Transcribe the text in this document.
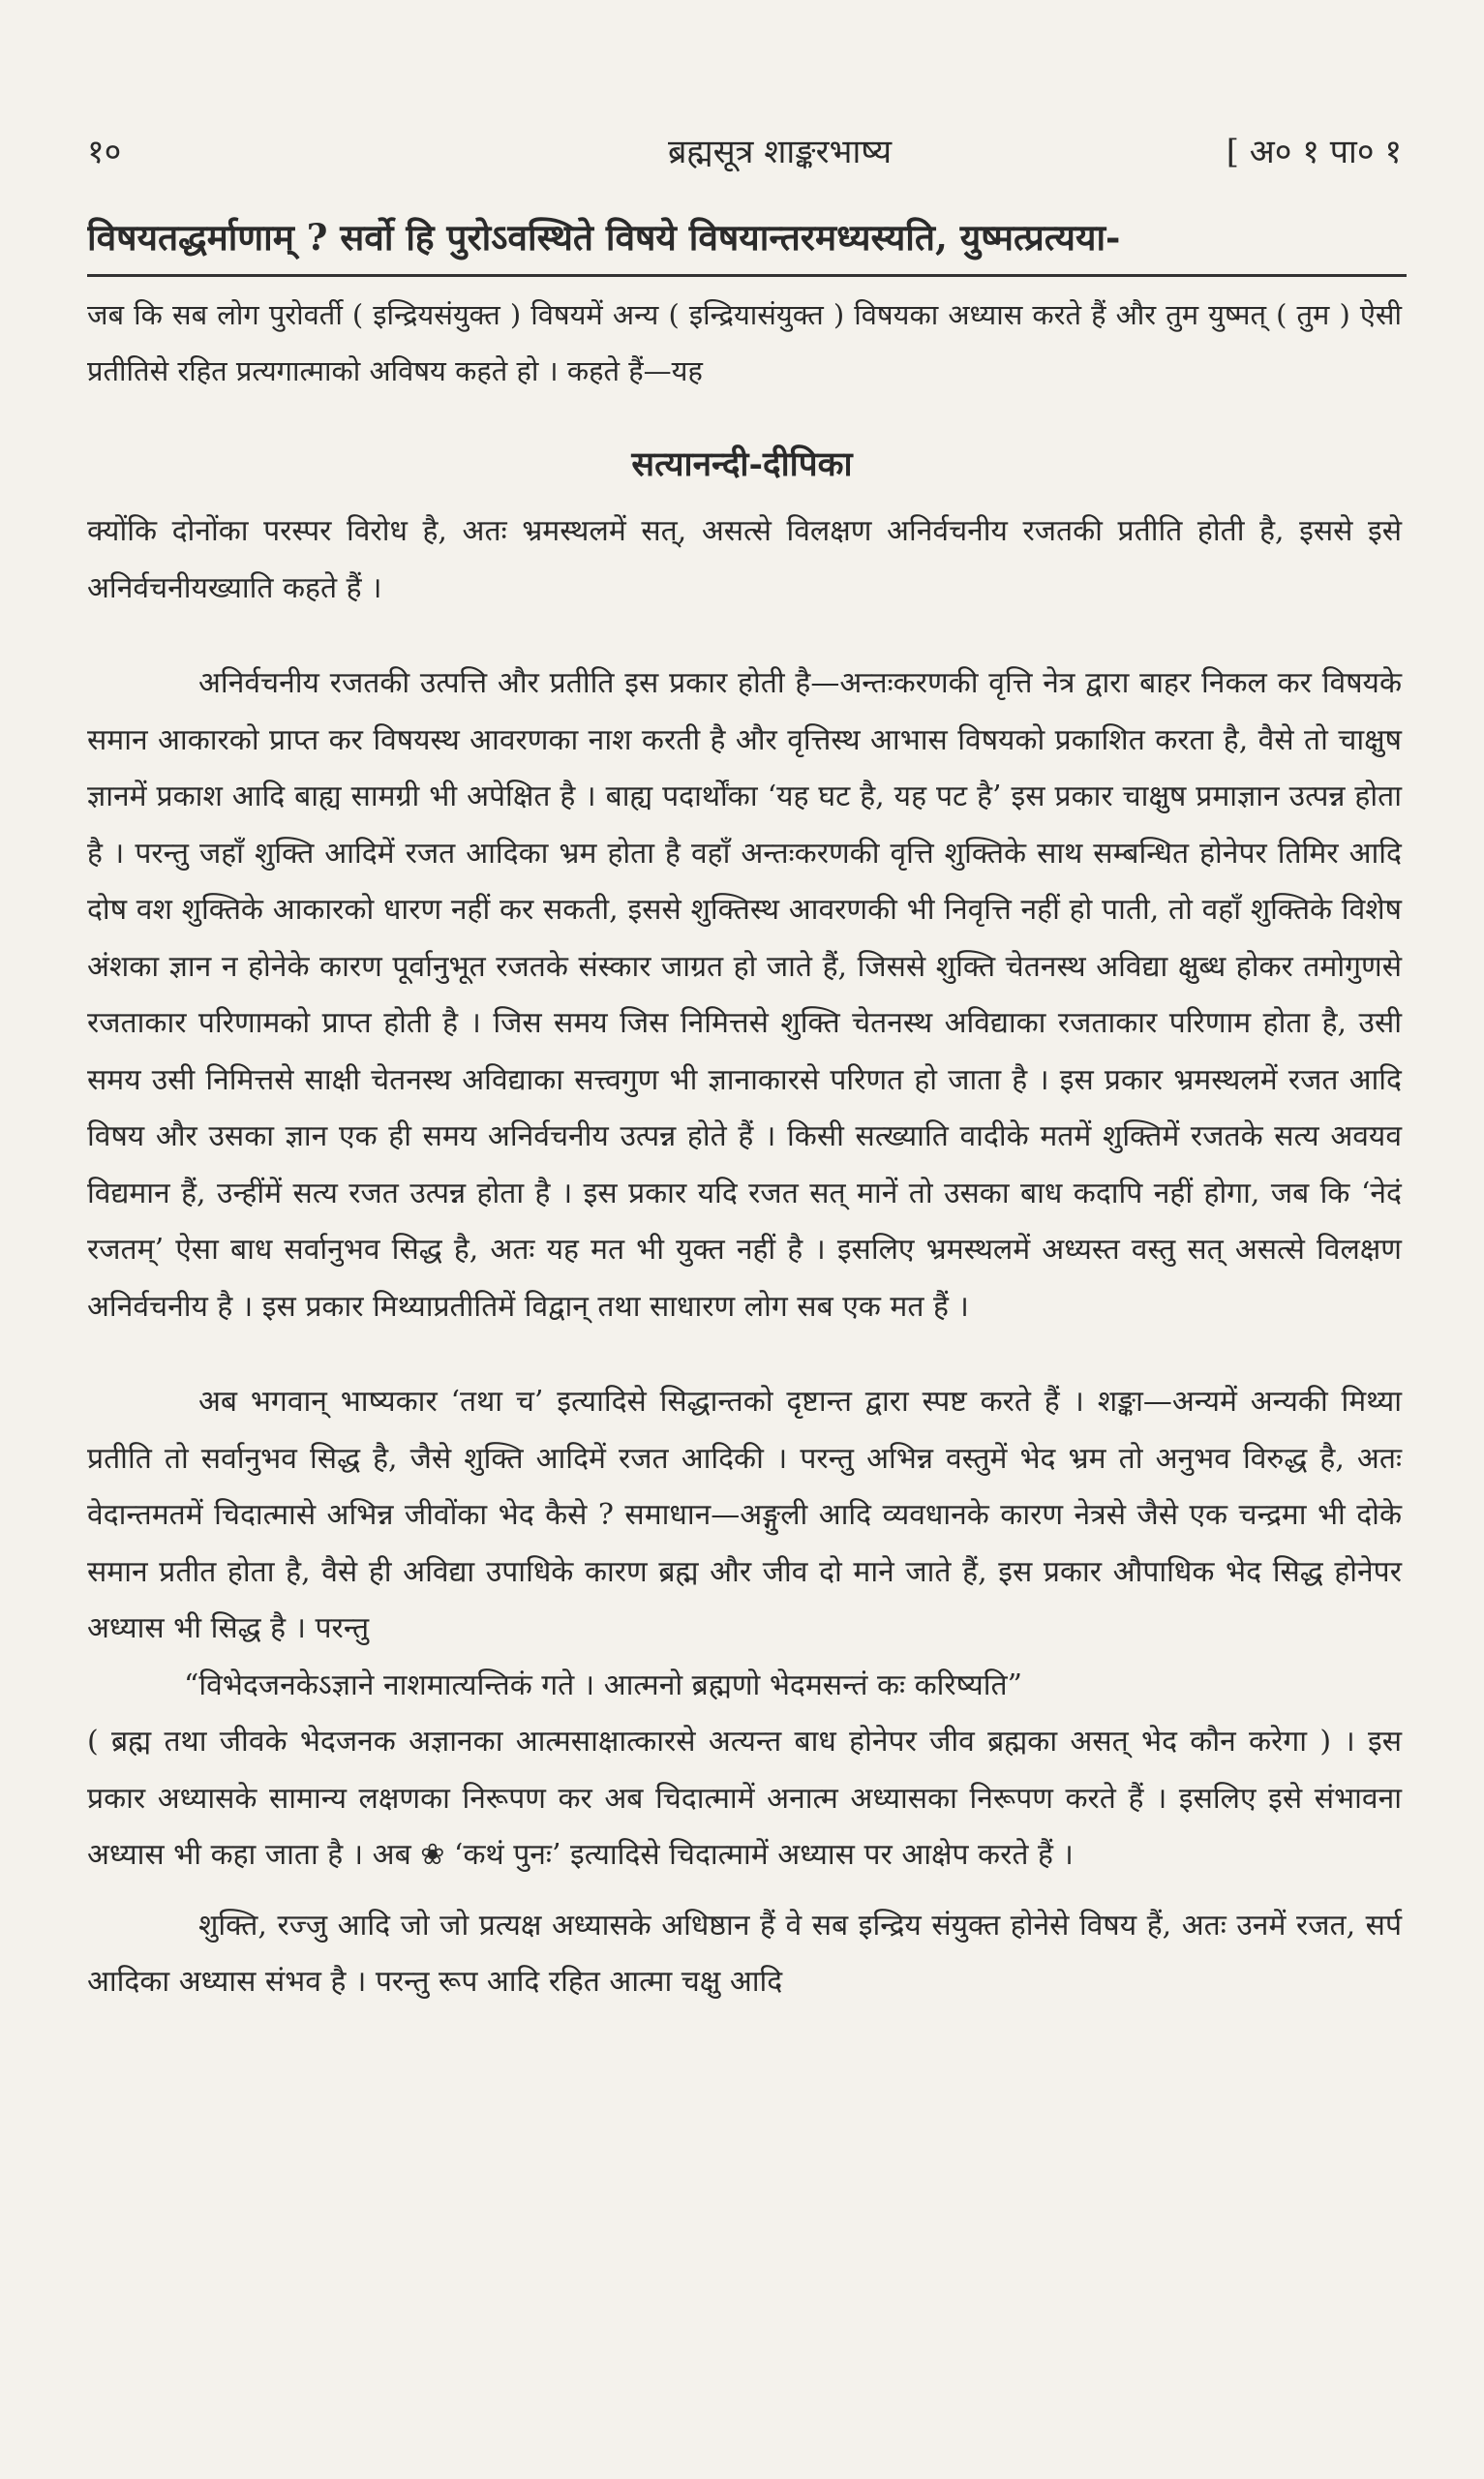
१०	ब्रह्मसूत्र शाङ्करभाष्य	[ अ० १ पा० १
विषयतद्धर्माणाम् ? सर्वो हि पुरोऽवस्थिते विषये विषयान्तरमध्यस्यति, युष्मत्प्रत्यया-
जब कि सब लोग पुरोवर्ती ( इन्द्रियसंयुक्त ) विषयमें अन्य ( इन्द्रियासंयुक्त ) विषयका अध्यास करते हैं और तुम युष्मत् ( तुम ) ऐसी प्रतीतिसे रहित प्रत्यगात्माको अविषय कहते हो । कहते हैं—यह
सत्यानन्दी-दीपिका

क्योंकि दोनोंका परस्पर विरोध है, अतः भ्रमस्थलमें सत्, असत्से विलक्षण अनिर्वचनीय रजतकी प्रतीति होती है, इससे इसे अनिर्वचनीयख्याति कहते हैं ।

अनिर्वचनीय रजतकी उत्पत्ति और प्रतीति इस प्रकार होती है—अन्तःकरणकी वृत्ति नेत्र द्वारा बाहर निकल कर विषयके समान आकारको प्राप्त कर विषयस्थ आवरणका नाश करती है और वृत्तिस्थ आभास विषयको प्रकाशित करता है, वैसे तो चाक्षुष ज्ञानमें प्रकाश आदि बाह्य सामग्री भी अपेक्षित है । बाह्य पदार्थोंका ‘यह घट है, यह पट है’ इस प्रकार चाक्षुष प्रमाज्ञान उत्पन्न होता है । परन्तु जहाँ शुक्ति आदिमें रजत आदिका भ्रम होता है वहाँ अन्तःकरणकी वृत्ति शुक्तिके साथ सम्बन्धित होनेपर तिमिर आदि दोष वश शुक्तिके आकारको धारण नहीं कर सकती, इससे शुक्तिस्थ आवरणकी भी निवृत्ति नहीं हो पाती, तो वहाँ शुक्तिके विशेष अंशका ज्ञान न होनेके कारण पूर्वानुभूत रजतके संस्कार जाग्रत हो जाते हैं, जिससे शुक्ति चेतनस्थ अविद्या क्षुब्ध होकर तमोगुणसे रजताकार परिणामको प्राप्त होती है । जिस समय जिस निमित्तसे शुक्ति चेतनस्थ अविद्याका रजताकार परिणाम होता है, उसी समय उसी निमित्तसे साक्षी चेतनस्थ अविद्याका सत्त्वगुण भी ज्ञानाकारसे परिणत हो जाता है । इस प्रकार भ्रमस्थलमें रजत आदि विषय और उसका ज्ञान एक ही समय अनिर्वचनीय उत्पन्न होते हैं । किसी सत्ख्याति वादीके मतमें शुक्तिमें रजतके सत्य अवयव विद्यमान हैं, उन्हींमें सत्य रजत उत्पन्न होता है । इस प्रकार यदि रजत सत् मानें तो उसका बाध कदापि नहीं होगा, जब कि ‘नेदं रजतम्’ ऐसा बाध सर्वानुभव सिद्ध है, अतः यह मत भी युक्त नहीं है । इसलिए भ्रमस्थलमें अध्यस्त वस्तु सत् असत्से विलक्षण अनिर्वचनीय है । इस प्रकार मिथ्याप्रतीतिमें विद्वान् तथा साधारण लोग सब एक मत हैं ।

अब भगवान् भाष्यकार ‘तथा च’ इत्यादिसे सिद्धान्तको दृष्टान्त द्वारा स्पष्ट करते हैं । शङ्का—अन्यमें अन्यकी मिथ्या प्रतीति तो सर्वानुभव सिद्ध है, जैसे शुक्ति आदिमें रजत आदिकी । परन्तु अभिन्न वस्तुमें भेद भ्रम तो अनुभव विरुद्ध है, अतः वेदान्तमतमें चिदात्मासे अभिन्न जीवोंका भेद कैसे ? समाधान—अङ्गुली आदि व्यवधानके कारण नेत्रसे जैसे एक चन्द्रमा भी दोके समान प्रतीत होता है, वैसे ही अविद्या उपाधिके कारण ब्रह्म और जीव दो माने जाते हैं, इस प्रकार औपाधिक भेद सिद्ध होनेपर अध्यास भी सिद्ध है । परन्तु

“विभेदजनकेऽज्ञाने नाशमात्यन्तिकं गते । आत्मनो ब्रह्मणो भेदमसन्तं कः करिष्यति”

( ब्रह्म तथा जीवके भेदजनक अज्ञानका आत्मसाक्षात्कारसे अत्यन्त बाध होनेपर जीव ब्रह्मका असत् भेद कौन करेगा ) । इस प्रकार अध्यासके सामान्य लक्षणका निरूपण कर अब चिदात्मामें अनात्म अध्यासका निरूपण करते हैं । इसलिए इसे संभावना अध्यास भी कहा जाता है । अब ❀ ‘कथं पुनः’ इत्यादिसे चिदात्मामें अध्यास पर आक्षेप करते हैं ।

शुक्ति, रज्जु आदि जो जो प्रत्यक्ष अध्यासके अधिष्ठान हैं वे सब इन्द्रिय संयुक्त होनेसे विषय हैं, अतः उनमें रजत, सर्प आदिका अध्यास संभव है । परन्तु रूप आदि रहित आत्मा चक्षु आदि
